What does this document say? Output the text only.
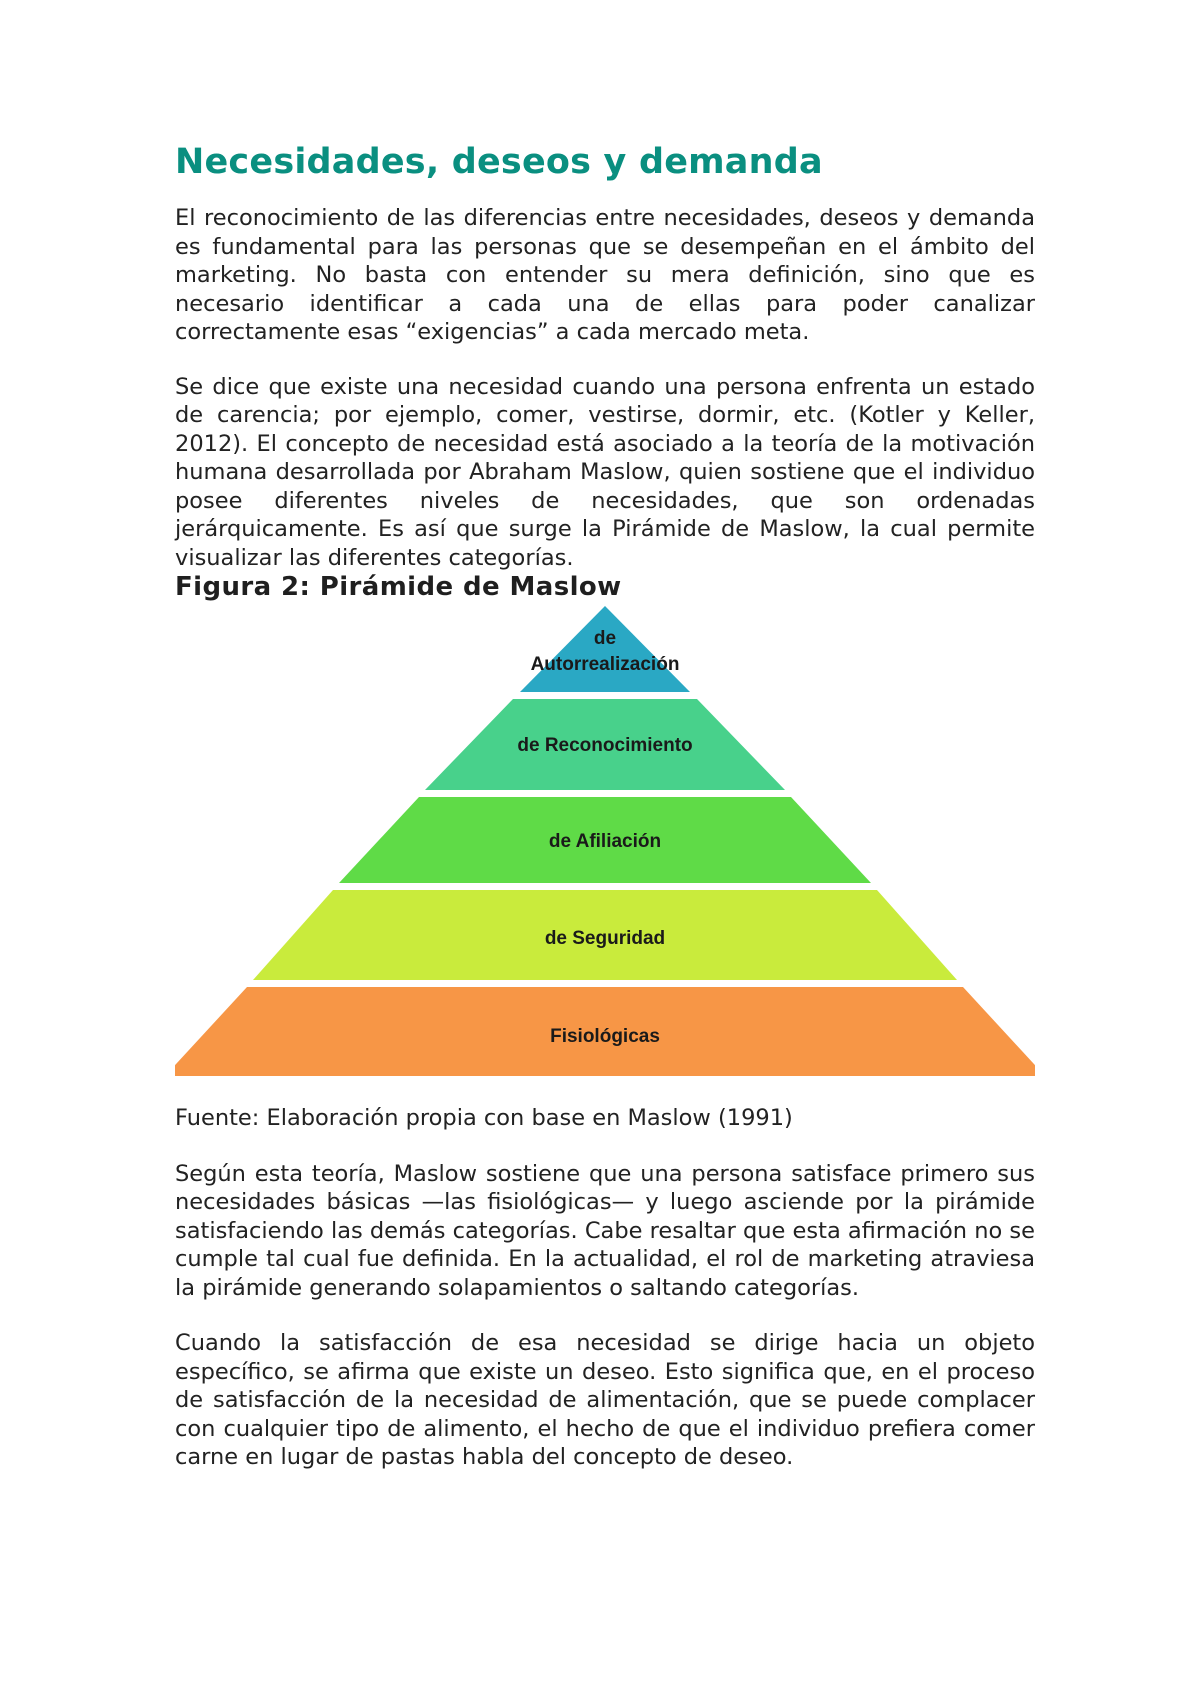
Necesidades, deseos y demanda

El reconocimiento de las diferencias entre necesidades, deseos y demanda es fundamental para las personas que se desempeñan en el ámbito del marketing. No basta con entender su mera definición, sino que es necesario identificar a cada una de ellas para poder canalizar correctamente esas “exigencias” a cada mercado meta.

Se dice que existe una necesidad cuando una persona enfrenta un estado de carencia; por ejemplo, comer, vestirse, dormir, etc. (Kotler y Keller, 2012). El concepto de necesidad está asociado a la teoría de la motivación humana desarrollada por Abraham Maslow, quien sostiene que el individuo posee diferentes niveles de necesidades, que son ordenadas jerárquicamente. Es así que surge la Pirámide de Maslow, la cual permite visualizar las diferentes categorías.

Figura 2: Pirámide de Maslow
de
Autorrealización
de Reconocimiento
de Afiliación
de Seguridad
Fisiológicas

Fuente: Elaboración propia con base en Maslow (1991)

Según esta teoría, Maslow sostiene que una persona satisface primero sus necesidades básicas —las fisiológicas— y luego asciende por la pirámide satisfaciendo las demás categorías. Cabe resaltar que esta afirmación no se cumple tal cual fue definida. En la actualidad, el rol de marketing atraviesa la pirámide generando solapamientos o saltando categorías.

Cuando la satisfacción de esa necesidad se dirige hacia un objeto específico, se afirma que existe un deseo. Esto significa que, en el proceso de satisfacción de la necesidad de alimentación, que se puede complacer con cualquier tipo de alimento, el hecho de que el individuo prefiera comer carne en lugar de pastas habla del concepto de deseo.
